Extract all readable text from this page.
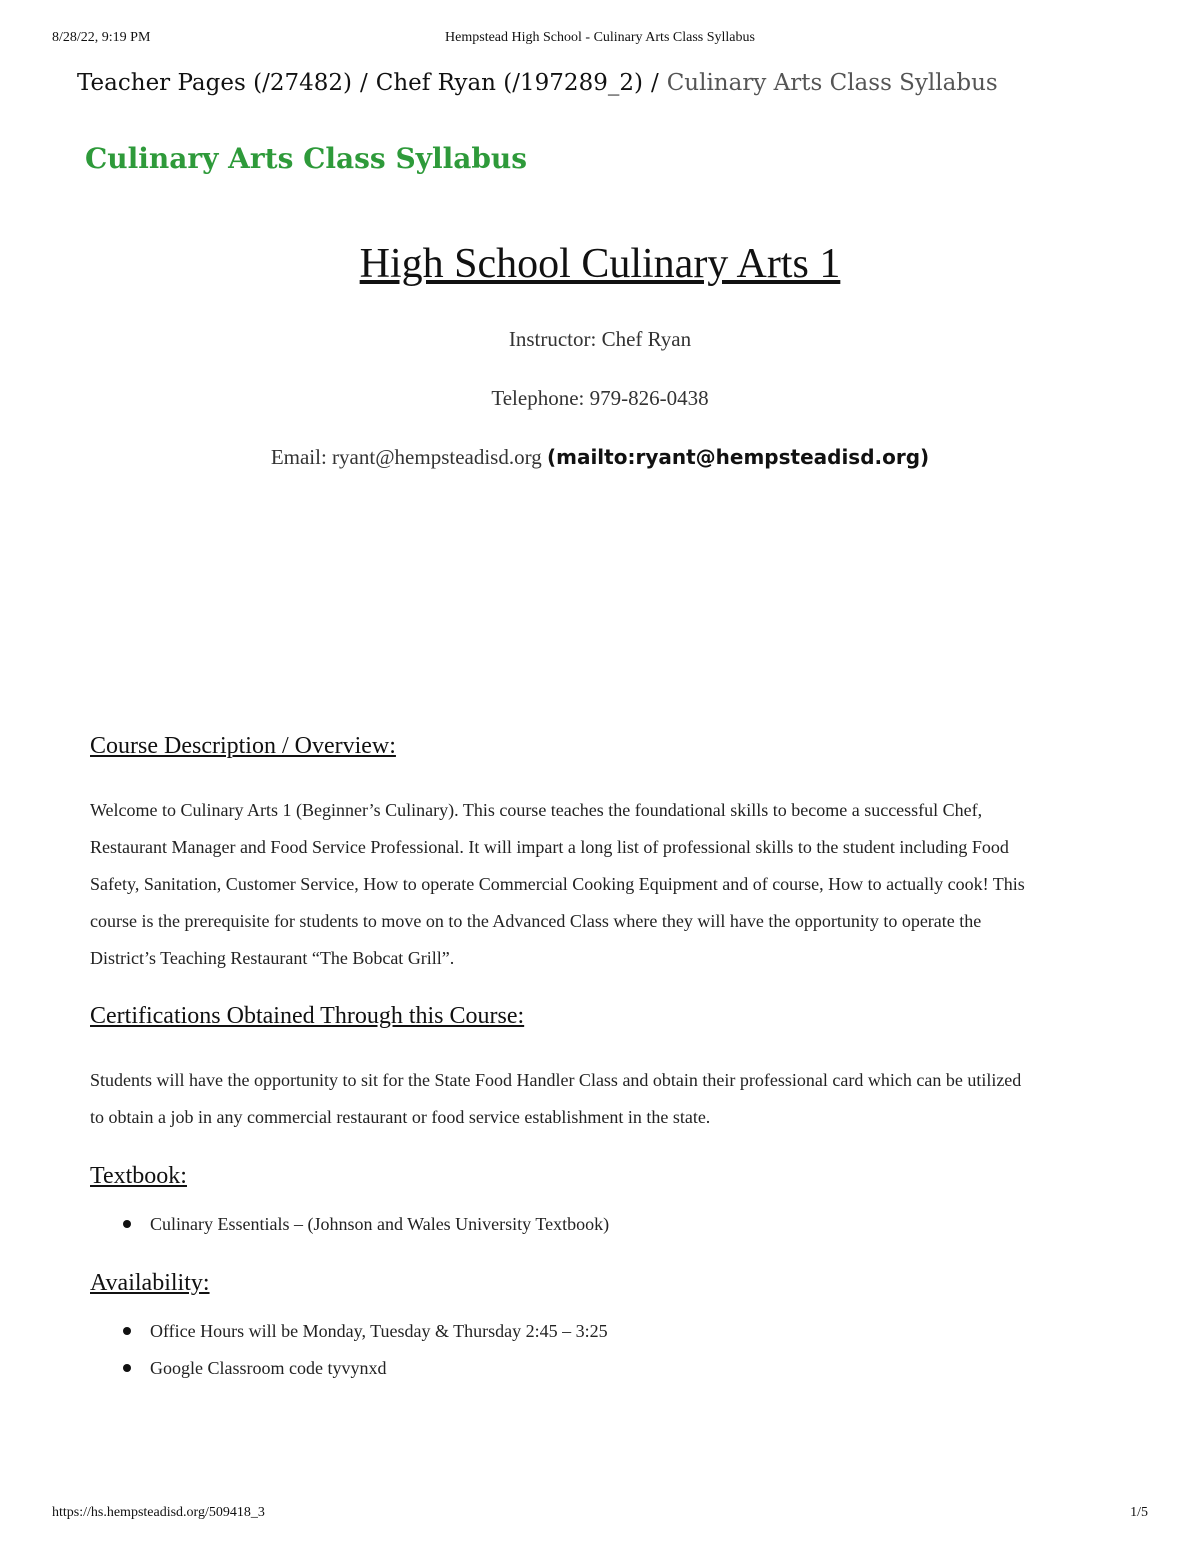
8/28/22, 9:19 PM	Hempstead High School - Culinary Arts Class Syllabus
Teacher Pages (/27482) / Chef Ryan (/197289_2) / Culinary Arts Class Syllabus
Culinary Arts Class Syllabus
High School Culinary Arts 1
Instructor: Chef Ryan
Telephone: 979-826-0438
Email: ryant@hempsteadisd.org (mailto:ryant@hempsteadisd.org)
Course Description / Overview:

Welcome to Culinary Arts 1 (Beginner’s Culinary). This course teaches the foundational skills to become a successful Chef, Restaurant Manager and Food Service Professional. It will impart a long list of professional skills to the student including Food Safety, Sanitation, Customer Service, How to operate Commercial Cooking Equipment and of course, How to actually cook! This course is the prerequisite for students to move on to the Advanced Class where they will have the opportunity to operate the District’s Teaching Restaurant “The Bobcat Grill”.

Certifications Obtained Through this Course:

Students will have the opportunity to sit for the State Food Handler Class and obtain their professional card which can be utilized to obtain a job in any commercial restaurant or food service establishment in the state.

Textbook:
Culinary Essentials – (Johnson and Wales University Textbook)
Availability:
Office Hours will be Monday, Tuesday & Thursday 2:45 – 3:25
Google Classroom code tyvynxd
https://hs.hempsteadisd.org/509418_3	1/5
